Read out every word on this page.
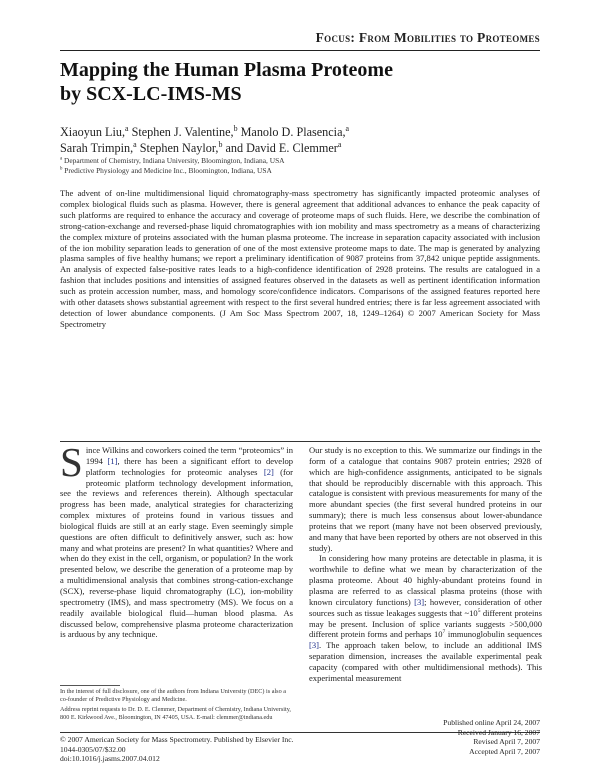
Focus: From Mobilities to Proteomes
Mapping the Human Plasma Proteome
by SCX-LC-IMS-MS
Xiaoyun Liu,$^a$ Stephen J. Valentine,$^b$ Manolo D. Plasencia,$^a$
Sarah Trimpin,$^a$ Stephen Naylor,$^b$ and David E. Clemmer$^a$
$^a$ Department of Chemistry, Indiana University, Bloomington, Indiana, USA
$^b$ Predictive Physiology and Medicine Inc., Bloomington, Indiana, USA
The advent of on-line multidimensional liquid chromatography-mass spectrometry has significantly impacted proteomic analyses of complex biological fluids such as plasma. However, there is general agreement that additional advances to enhance the peak capacity of such platforms are required to enhance the accuracy and coverage of proteome maps of such fluids. Here, we describe the combination of strong-cation-exchange and reversed-phase liquid chromatographies with ion mobility and mass spectrometry as a means of characterizing the complex mixture of proteins associated with the human plasma proteome. The increase in separation capacity associated with inclusion of the ion mobility separation leads to generation of one of the most extensive proteome maps to date. The map is generated by analyzing plasma samples of five healthy humans; we report a preliminary identification of 9087 proteins from 37,842 unique peptide assignments. An analysis of expected false-positive rates leads to a high-confidence identification of 2928 proteins. The results are catalogued in a fashion that includes positions and intensities of assigned features observed in the datasets as well as pertinent identification information such as protein accession number, mass, and homology score/confidence indicators. Comparisons of the assigned features reported here with other datasets shows substantial agreement with respect to the first several hundred entries; there is far less agreement associated with detection of lower abundance components. (J Am Soc Mass Spectrom 2007, 18, 1249–1264) © 2007 American Society for Mass Spectrometry

Since Wilkins and coworkers coined the term “proteomics” in 1994 [1], there has been a significant effort to develop platform technologies for proteomic analyses [2] (for proteomic platform technology development information, see the reviews and references therein). Although spectacular progress has been made, analytical strategies for characterizing complex mixtures of proteins found in various tissues and biological fluids are still at an early stage. Even seemingly simple questions are often difficult to definitively answer, such as: how many and what proteins are present? In what quantities? Where and when do they exist in the cell, organism, or population? In the work presented below, we describe the generation of a proteome map by a multidimensional analysis that combines strong-cation-exchange (SCX), reverse-phase liquid chromatography (LC), ion-mobility spectrometry (IMS), and mass spectrometry (MS). We focus on a readily available biological fluid—human blood plasma. As discussed below, comprehensive plasma proteome characterization is arduous by any technique.

Our study is no exception to this. We summarize our findings in the form of a catalogue that contains 9087 protein entries; 2928 of which are high-confidence assignments, anticipated to be signals that should be reproducibly discernable with this approach. This catalogue is consistent with previous measurements for many of the more abundant species (the first several hundred proteins in our summary); there is much less consensus about lower-abundance proteins that we report (many have not been observed previously, and many that have been reported by others are not observed in this study).

In considering how many proteins are detectable in plasma, it is worthwhile to define what we mean by characterization of the plasma proteome. About 40 highly-abundant proteins found in plasma are referred to as classical plasma proteins (those with known circulatory functions) [3]; however, consideration of other sources such as tissue leakages suggests that $\sim 10^5$ different proteins may be present. Inclusion of splice variants suggests >500,000 different protein forms and perhaps $10^7$ immunoglobulin sequences [3]. The approach taken below, to include an additional IMS separation dimension, increases the available experimental peak capacity (compared with other multidimensional methods). This experimental measurement

In the interest of full disclosure, one of the authors from Indiana University (DEC) is also a co-founder of Predictive Physiology and Medicine.
Address reprint requests to Dr. D. E. Clemmer, Department of Chemistry, Indiana University, 800 E. Kirkwood Ave., Bloomington, IN 47405, USA. E-mail: clemmer@indiana.edu
© 2007 American Society for Mass Spectrometry. Published by Elsevier Inc.
1044-0305/07/$32.00
doi:10.1016/j.jasms.2007.04.012
Published online April 24, 2007
Received January 16, 2007
Revised April 7, 2007
Accepted April 7, 2007
